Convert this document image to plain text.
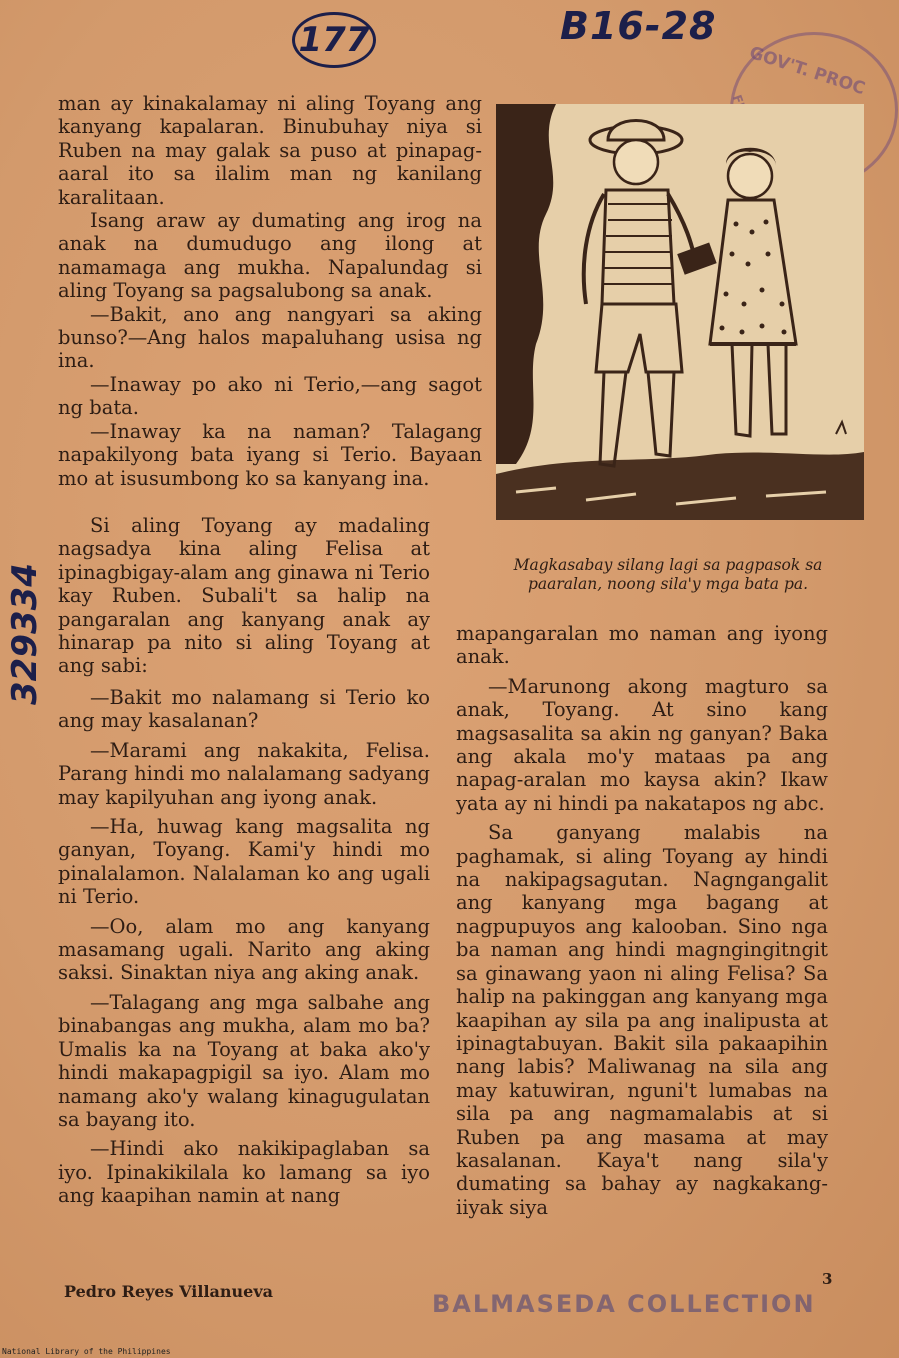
177	B16-28
329334
GOV'T. PROC

man ay kinakalamay ni aling Toyang ang kanyang kapalaran. Binubuhay niya si Ruben na may galak sa puso at pinapag-aaral ito sa ilalim man ng kanilang karalitaan.

Isang araw ay dumating ang irog na anak na dumudugo ang ilong at namamaga ang mukha. Napalundag si aling Toyang sa pagsalubong sa anak.

—Bakit, ano ang nangyari sa aking bunso?—Ang halos mapaluhang usisa ng ina.

—Inaway po ako ni Terio,—ang sagot ng bata.

—Inaway ka na naman? Talagang napakilyong bata iyang si Terio. Bayaan mo at isusumbong ko sa kanyang ina.

Si aling Toyang ay madaling nagsadya kina aling Felisa at ipinagbigay-alam ang ginawa ni Terio kay Ruben. Subali't sa halip na pangaralan ang kanyang anak ay hinarap pa nito si aling Toyang at ang sabi:

—Bakit mo nalamang si Terio ko ang may kasalanan?

—Marami ang nakakita, Felisa. Parang hindi mo nalalamang sadyang may kapilyuhan ang iyong anak.

—Ha, huwag kang magsalita ng ganyan, Toyang. Kami'y hindi mo pinalalamon. Nalalaman ko ang ugali ni Terio.

—Oo, alam mo ang kanyang masamang ugali. Narito ang aking saksi. Sinaktan niya ang aking anak.

—Talagang ang mga salbahe ang binabangas ang mukha, alam mo ba? Umalis ka na Toyang at baka ako'y hindi makapagpigil sa iyo. Alam mo namang ako'y walang kinagugulatan sa bayang ito.

—Hindi ako nakikipaglaban sa iyo. Ipinakikilala ko lamang sa iyo ang kaapihan namin at nang

Magkasabay silang lagi sa pagpasok sa paaralan, noong sila'y mga bata pa.

mapangaralan mo naman ang iyong anak.

—Marunong akong magturo sa anak, Toyang. At sino kang magsasalita sa akin ng ganyan? Baka ang akala mo'y mataas pa ang napag-aralan mo kaysa akin? Ikaw yata ay ni hindi pa nakatapos ng abc.

Sa ganyang malabis na paghamak, si aling Toyang ay hindi na nakipagsagutan. Nagngangalit ang kanyang mga bagang at nagpupuyos ang kalooban. Sino nga ba naman ang hindi magngingitngit sa ginawang yaon ni aling Felisa? Sa halip na pakinggan ang kanyang mga kaapihan ay sila pa ang inalipusta at ipinagtabuyan. Bakit sila pakaapihin nang labis? Maliwanag na sila ang may katuwiran, nguni't lumabas na sila pa ang nagmamalabis at si Ruben pa ang masama at may kasalanan. Kaya't nang sila'y dumating sa bahay ay nagkakang-iiyak siya

Pedro Reyes Villanueva
3
BALMASEDA COLLECTION
National Library of the Philippines
